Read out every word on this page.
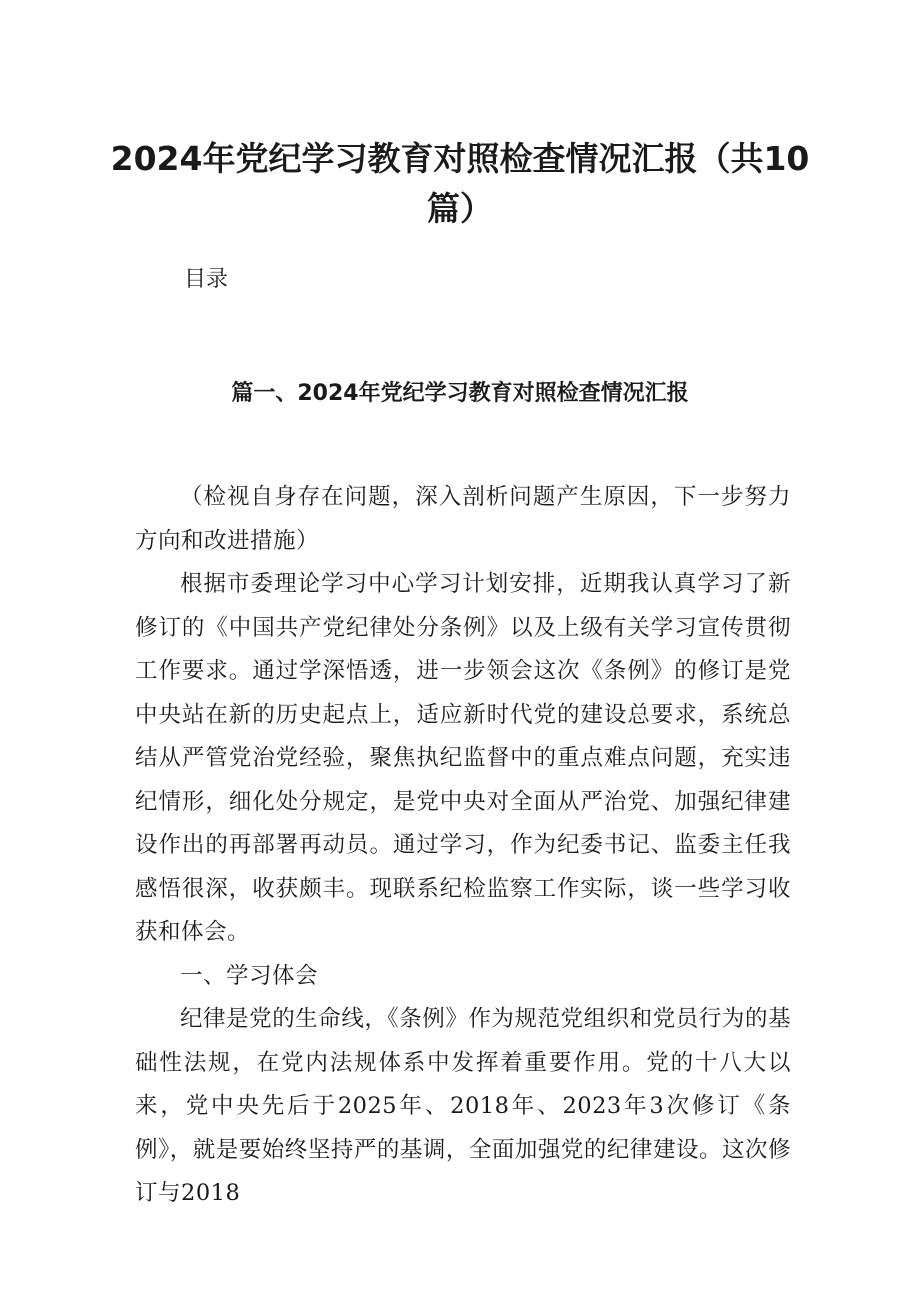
2024年党纪学习教育对照检查情况汇报（共10篇）
目录
篇一、2024年党纪学习教育对照检查情况汇报

（检视自身存在问题，深入剖析问题产生原因，下一步努力方向和改进措施）

根据市委理论学习中心学习计划安排，近期我认真学习了新修订的《中国共产党纪律处分条例》以及上级有关学习宣传贯彻工作要求。通过学深悟透，进一步领会这次《条例》的修订是党中央站在新的历史起点上，适应新时代党的建设总要求，系统总结从严管党治党经验，聚焦执纪监督中的重点难点问题，充实违纪情形，细化处分规定，是党中央对全面从严治党、加强纪律建设作出的再部署再动员。通过学习，作为纪委书记、监委主任我感悟很深，收获颇丰。现联系纪检监察工作实际，谈一些学习收获和体会。

一、学习体会

纪律是党的生命线，《条例》作为规范党组织和党员行为的基础性法规，在党内法规体系中发挥着重要作用。党的十八大以来，党中央先后于2025年、2018年、2023年3次修订《条例》，就是要始终坚持严的基调，全面加强党的纪律建设。这次修订与2018
